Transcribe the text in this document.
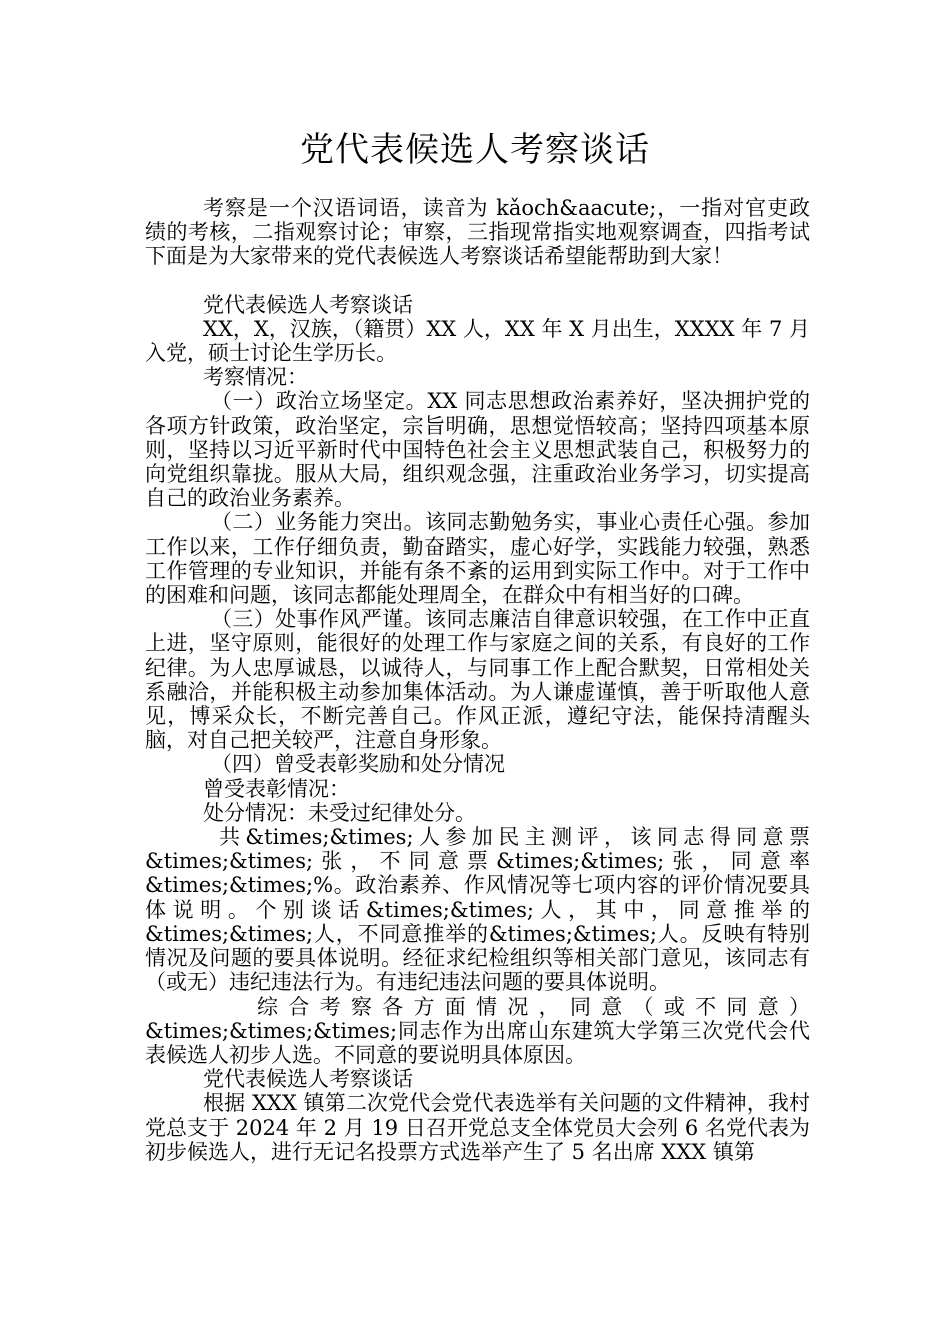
党代表候选人考察谈话

考察是一个汉语词语，读音为 kǎoch&aacute;，一指对官吏政绩的考核，二指观察讨论；审察，三指现常指实地观察调查，四指考试下面是为大家带来的党代表候选人考察谈话希望能帮助到大家！

党代表候选人考察谈话

XX，X，汉族，（籍贯）XX 人，XX 年 X 月出生，XXXX 年 7 月入党，硕士讨论生学历长。

考察情况：

（一）政治立场坚定。XX 同志思想政治素养好，坚决拥护党的各项方针政策，政治坚定，宗旨明确，思想觉悟较高；坚持四项基本原则，坚持以习近平新时代中国特色社会主义思想武装自己，积极努力的向党组织靠拢。服从大局，组织观念强，注重政治业务学习，切实提高自己的政治业务素养。

（二）业务能力突出。该同志勤勉务实，事业心责任心强。参加工作以来，工作仔细负责，勤奋踏实，虚心好学，实践能力较强，熟悉工作管理的专业知识，并能有条不紊的运用到实际工作中。对于工作中的困难和问题，该同志都能处理周全，在群众中有相当好的口碑。

（三）处事作风严谨。该同志廉洁自律意识较强，在工作中正直上进，坚守原则，能很好的处理工作与家庭之间的关系，有良好的工作纪律。为人忠厚诚恳，以诚待人，与同事工作上配合默契，日常相处关系融洽，并能积极主动参加集体活动。为人谦虚谨慎，善于听取他人意见，博采众长，不断完善自己。作风正派，遵纪守法，能保持清醒头脑，对自己把关较严，注意自身形象。

（四）曾受表彰奖励和处分情况

曾受表彰情况：

处分情况：未受过纪律处分。

共&times;&times;人参加民主测评，该同志得同意票&times;&times;张，不同意票&times;&times;张，同意率&times;&times;%。政治素养、作风情况等七项内容的评价情况要具体说明。个别谈话&times;&times;人，其中，同意推举的&times;&times;人，不同意推举的&times;&times;人。反映有特别情况及问题的要具体说明。经征求纪检组织等相关部门意见，该同志有（或无）违纪违法行为。有违纪违法问题的要具体说明。

综合考察各方面情况，同意（或不同意）&times;&times;&times;同志作为出席山东建筑大学第三次党代会代表候选人初步人选。不同意的要说明具体原因。

党代表候选人考察谈话

根据 XXX 镇第二次党代会党代表选举有关问题的文件精神，我村党总支于 2024 年 2 月 19 日召开党总支全体党员大会列 6 名党代表为初步候选人，进行无记名投票方式选举产生了 5 名出席 XXX 镇第
